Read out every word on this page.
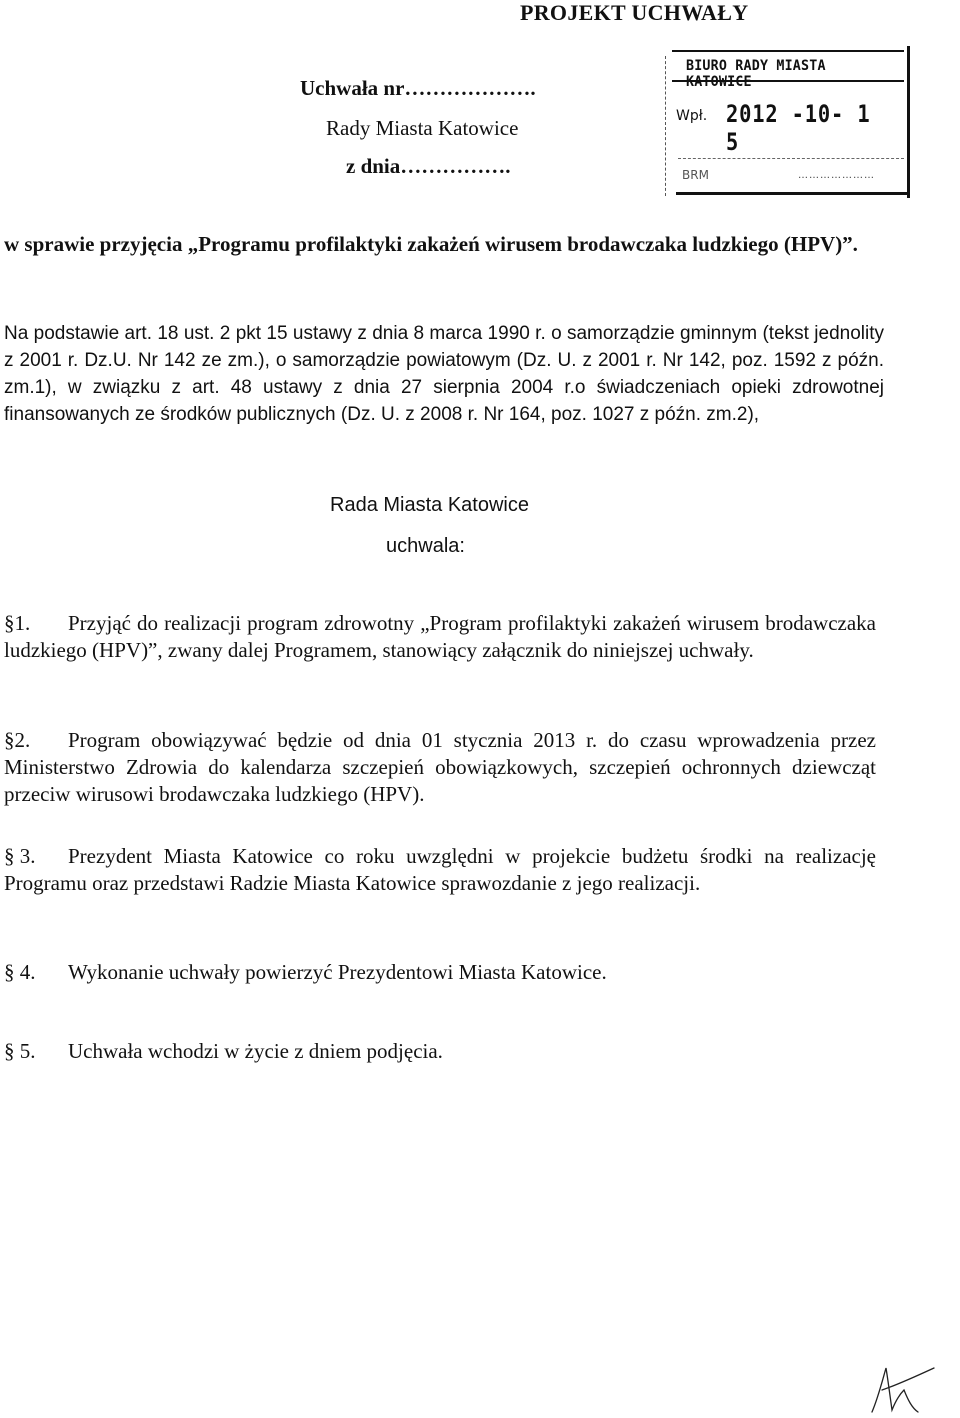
PROJEKT UCHWAŁY
Uchwała nr……………….
Rady Miasta Katowice
z dnia…………….
BIURO RADY MIASTA KATOWICE
Wpł. 2012 -10- 1 5
BRM	…………………
w sprawie przyjęcia „Programu profilaktyki zakażeń wirusem brodawczaka ludzkiego (HPV)”.
Na podstawie art. 18 ust. 2 pkt 15 ustawy z dnia 8 marca 1990 r. o samorządzie gminnym (tekst jednolity z 2001 r. Dz.U. Nr 142 ze zm.), o samorządzie powiatowym (Dz. U. z 2001 r. Nr 142, poz. 1592 z późn. zm.1), w związku z art. 48 ustawy z dnia 27 sierpnia 2004 r.o świadczeniach opieki zdrowotnej finansowanych ze środków publicznych (Dz. U. z 2008 r. Nr 164, poz. 1027 z późn. zm.2),
Rada Miasta Katowice
uchwala:
§1. Przyjąć do realizacji program zdrowotny „Program profilaktyki zakażeń wirusem brodawczaka ludzkiego (HPV)”, zwany dalej Programem, stanowiący załącznik do niniejszej uchwały.
§2. Program obowiązywać będzie od dnia 01 stycznia 2013 r. do czasu wprowadzenia przez Ministerstwo Zdrowia do kalendarza szczepień obowiązkowych, szczepień ochronnych dziewcząt przeciw wirusowi brodawczaka ludzkiego (HPV).
§ 3. Prezydent Miasta Katowice co roku uwzględni w projekcie budżetu środki na realizację Programu oraz przedstawi Radzie Miasta Katowice sprawozdanie z jego realizacji.
§ 4. Wykonanie uchwały powierzyć Prezydentowi Miasta Katowice.
§ 5. Uchwała wchodzi w życie z dniem podjęcia.
